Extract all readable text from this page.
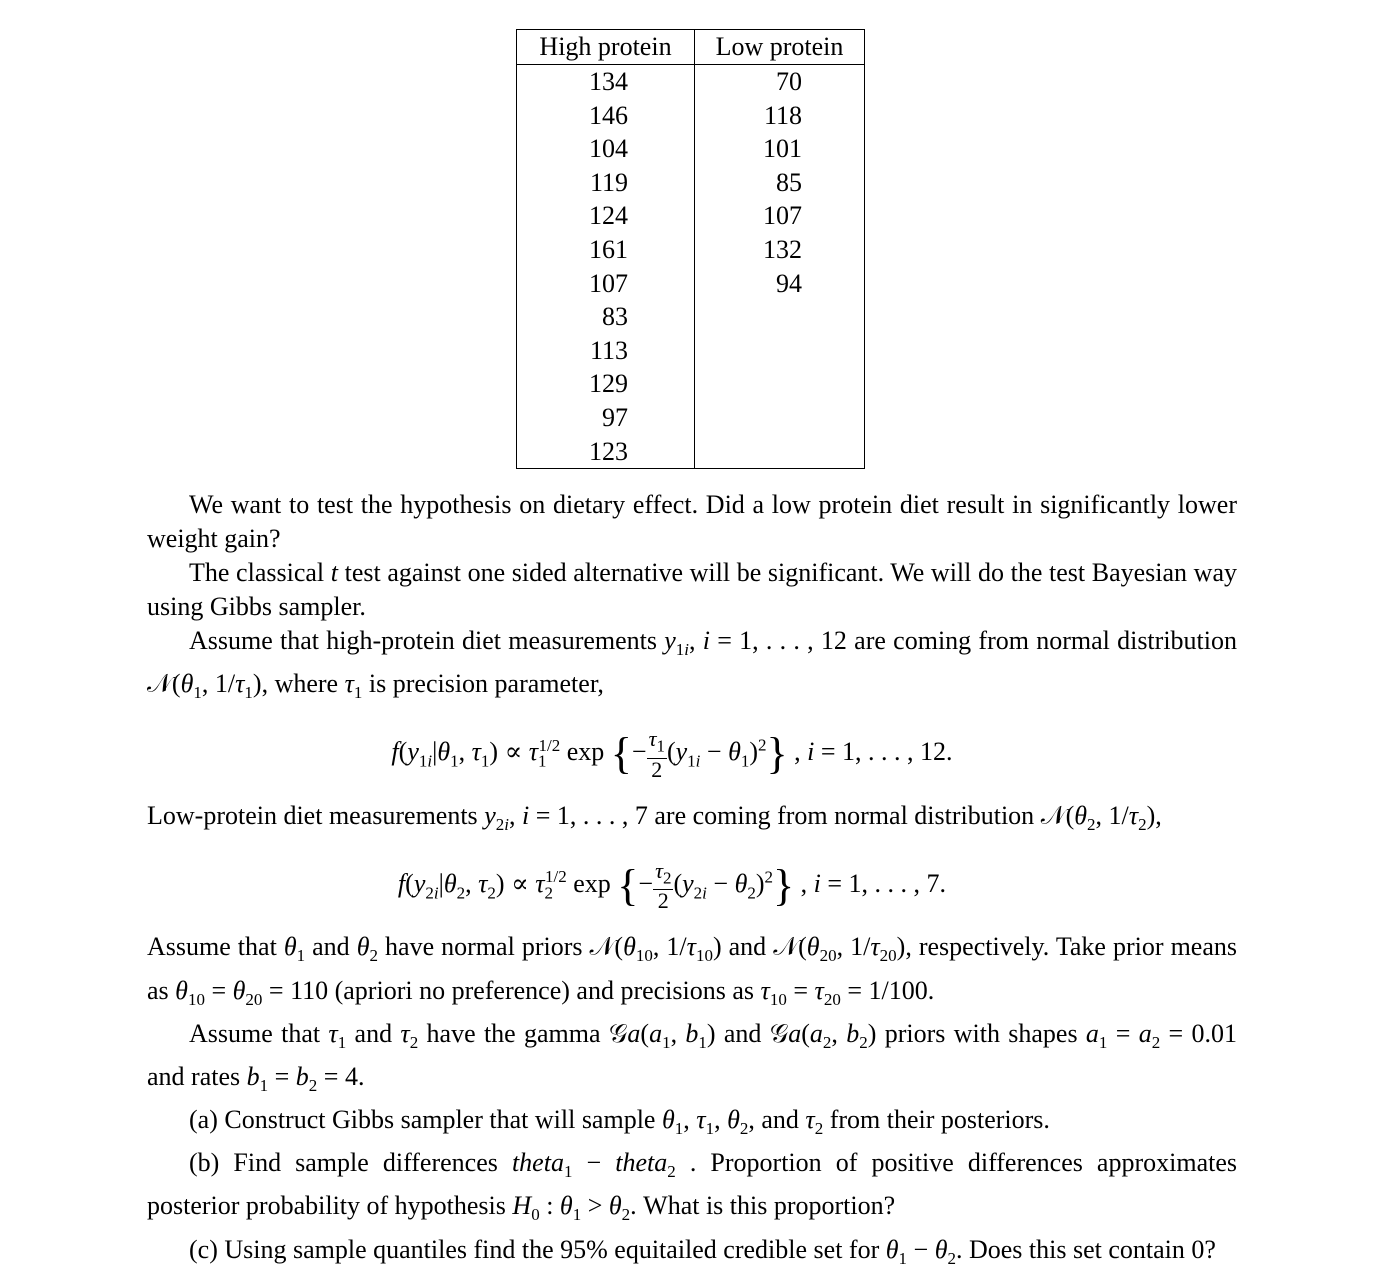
High protein	Low protein

134	70
146	118
104	101
119	85
124	107
161	132
107	94
83	
113	
129	
97	
123	

We want to test the hypothesis on dietary effect. Did a low protein diet result in significantly lower weight gain?

The classical t test against one sided alternative will be significant. We will do the test Bayesian way using Gibbs sampler.

Assume that high-protein diet measurements $y_{1i}$, i = 1, . . . , 12 are coming from normal distribution $𝒩(\theta_1$, $1/\tau_1$), where $\tau_1$ is precision parameter,

$f(y_{1i}|\theta_1$, $\tau_1) \propto \tau_1^{1/2}$ exp {− $\frac{\tau_1}{2} (y_{1i} - \theta_1)^2$} , i = 1, . . . , 12.

Low-protein diet measurements $y_{2i}$, i = 1, . . . , 7 are coming from normal distribution $𝒩(\theta_2$, $1/\tau_2$),

$f(y_{2i}|\theta_2$, $\tau_2) \propto \tau_2^{1/2}$ exp {− $\frac{\tau_2}{2} (y_{2i} - \theta_2)^2$} , i = 1, . . . , 7.

Assume that $\theta_1$ and $\theta_2$ have normal priors $𝒩(\theta_{10}$, $1/\tau_{10}$) and $𝒩(\theta_{20}$, $1/\tau_{20}$), respectively. Take prior means as $\theta_{10} = \theta_{20} = 110$ (apriori no preference) and precisions as $\tau_{10} = \tau_{20} = 1/100$.

Assume that $\tau_1$ and $\tau_2$ have the gamma $𝒢a(a_1$, $b_1$) and $𝒢a(a_2$, $b_2$) priors with shapes $a_1 = a_2 = 0.01$ and rates $b_1 = b_2 = 4$.

(a) Construct Gibbs sampler that will sample $\theta_1$, $\tau_1$, $\theta_2$, and $\tau_2$ from their posteriors.

(b) Find sample differences theta$_1$ − theta$_2$ . Proportion of positive differences approximates posterior probability of hypothesis $H_0$ : $\theta_1 > \theta_2$. What is this proportion?

(c) Using sample quantiles find the 95% equitailed credible set for $\theta_1 - \theta_2$. Does this set contain 0?
